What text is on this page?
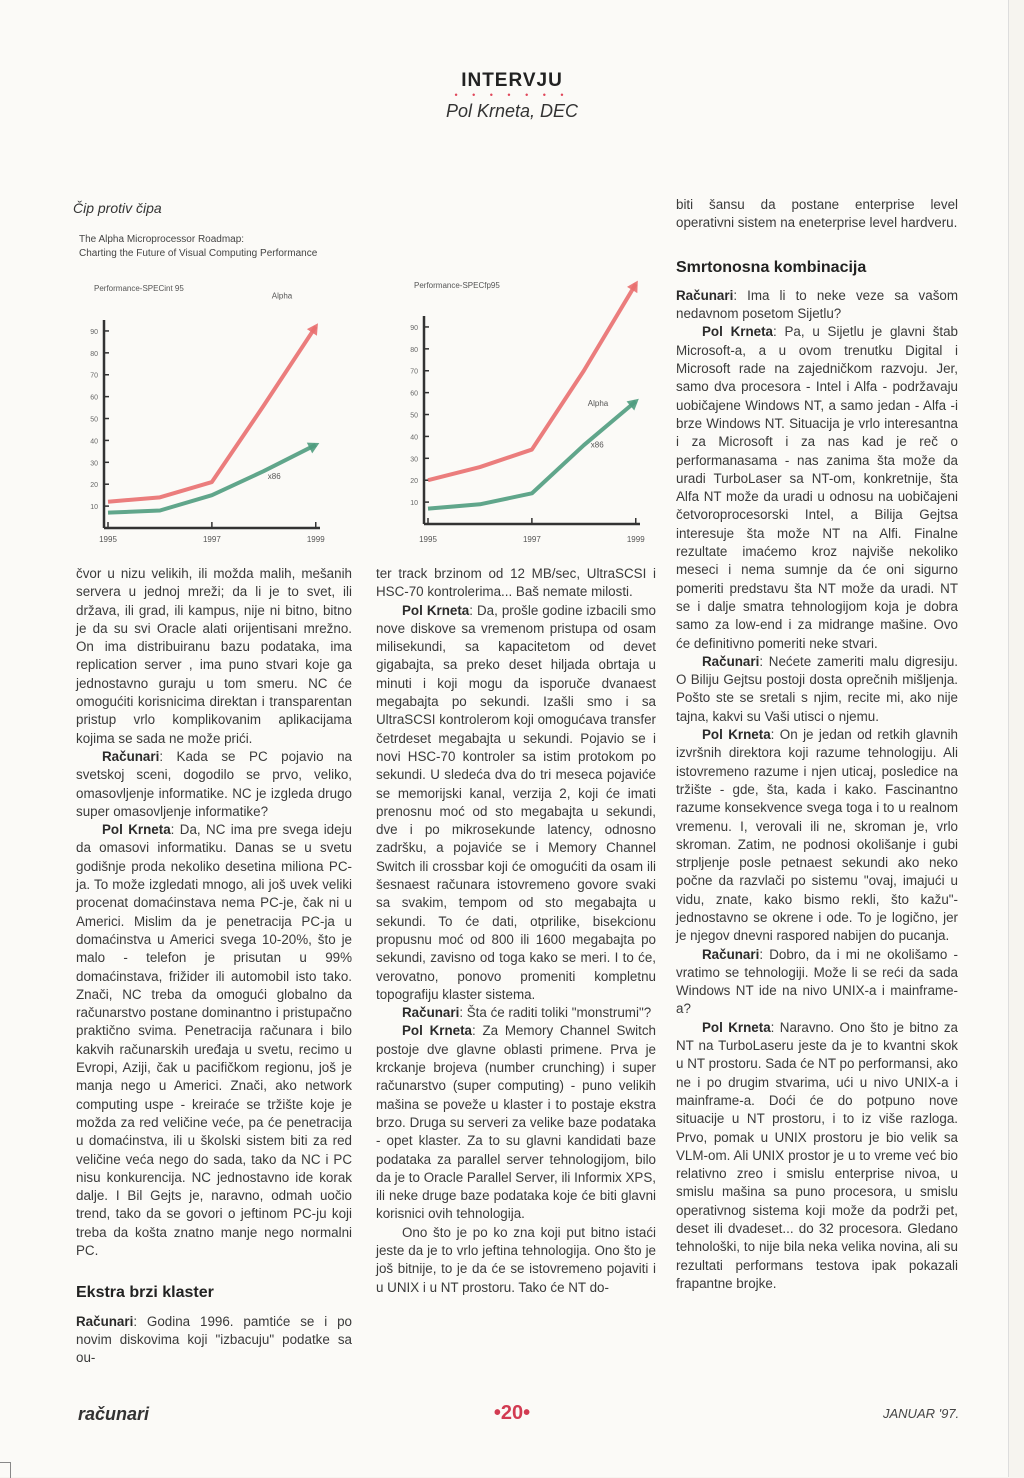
INTERVJU
• • • • • • •
Pol Krneta, DEC
Čip protiv čipa
The Alpha Microprocessor Roadmap:
Charting the Future of Visual Computing Performance
Performance-SPECint 95
10
20
30
40
50
60
70
80
90
1995	1997	1999
Alpha
x86
Performance-SPECfp95
10
20
30
40
50
60
70
80
90
1995	1997	1999
Alpha
x86

čvor u nizu velikih, ili možda malih, mešanih servera u jednoj mreži; da li je to svet, ili država, ili grad, ili kampus, nije ni bitno, bitno je da su svi Oracle alati orijentisani mrežno. On ima distribuiranu bazu podataka, ima replication server , ima puno stvari koje ga jednostavno guraju u tom smeru. NC će omogućiti korisnicima direktan i transparentan pristup vrlo komplikovanim aplikacijama kojima se sada ne može prići.

Računari: Kada se PC pojavio na svetskoj sceni, dogodilo se prvo, veliko, omasovljenje informatike. NC je izgleda drugo super omasovljenje informatike?

Pol Krneta: Da, NC ima pre svega ideju da omasovi informatiku. Danas se u svetu godišnje proda nekoliko desetina miliona PC-ja. To može izgledati mnogo, ali još uvek veliki procenat domaćinstava nema PC-je, čak ni u Americi. Mislim da je penetracija PC-ja u domaćinstva u Americi svega 10-20%, što je malo - telefon je prisutan u 99% domaćinstava, frižider ili automobil isto tako. Znači, NC treba da omogući globalno da računarstvo postane dominantno i pristupačno praktično svima. Penetracija računara i bilo kakvih računarskih uređaja u svetu, recimo u Evropi, Aziji, čak u pacifičkom regionu, još je manja nego u Americi. Znači, ako network computing uspe - kreiraće se tržište koje je možda za red veličine veće, pa će penetracija u domaćinstva, ili u školski sistem biti za red veličine veća nego do sada, tako da NC i PC nisu konkurencija. NC jednostavno ide korak dalje. I Bil Gejts je, naravno, odmah uočio trend, tako da se govori o jeftinom PC-ju koji treba da košta znatno manje nego normalni PC.

Ekstra brzi klaster

Računari: Godina 1996. pamtiće se i po novim diskovima koji "izbacuju" podatke sa ou-

ter track brzinom od 12 MB/sec, UltraSCSI i HSC-70 kontrolerima... Baš nemate milosti.

Pol Krneta: Da, prošle godine izbacili smo nove diskove sa vremenom pristupa od osam milisekundi, sa kapacitetom od devet gigabajta, sa preko deset hiljada obrtaja u minuti i koji mogu da isporuče dvanaest megabajta po sekundi. Izašli smo i sa UltraSCSI kontrolerom koji omogućava transfer četrdeset megabajta u sekundi. Pojavio se i novi HSC-70 kontroler sa istim protokom po sekundi. U sledeća dva do tri meseca pojaviće se memorijski kanal, verzija 2, koji će imati prenosnu moć od sto megabajta u sekundi, dve i po mikrosekunde latency, odnosno zadršku, a pojaviće se i Memory Channel Switch ili crossbar koji će omogućiti da osam ili šesnaest računara istovremeno govore svaki sa svakim, tempom od sto megabajta u sekundi. To će dati, otprilike, bisekcionu propusnu moć od 800 ili 1600 megabajta po sekundi, zavisno od toga kako se meri. I to će, verovatno, ponovo promeniti kompletnu topografiju klaster sistema.

Računari: Šta će raditi toliki "monstrumi"?

Pol Krneta: Za Memory Channel Switch postoje dve glavne oblasti primene. Prva je krckanje brojeva (number crunching) i super računarstvo (super computing) - puno velikih mašina se poveže u klaster i to postaje ekstra brzo. Druga su serveri za velike baze podataka - opet klaster. Za to su glavni kandidati baze podataka za parallel server tehnologijom, bilo da je to Oracle Parallel Server, ili Informix XPS, ili neke druge baze podataka koje će biti glavni korisnici ovih tehnologija.

Ono što je po ko zna koji put bitno istaći jeste da je to vrlo jeftina tehnologija. Ono što je još bitnije, to je da će se istovremeno pojaviti i u UNIX i u NT prostoru. Tako će NT do-

biti šansu da postane enterprise level operativni sistem na eneterprise level hardveru.

Smrtonosna kombinacija

Računari: Ima li to neke veze sa vašom nedavnom posetom Sijetlu?

Pol Krneta: Pa, u Sijetlu je glavni štab Microsoft-a, a u ovom trenutku Digital i Microsoft rade na zajedničkom razvoju. Jer, samo dva procesora - Intel i Alfa - podržavaju uobičajene Windows NT, a samo jedan - Alfa -i brze Windows NT. Situacija je vrlo interesantna i za Microsoft i za nas kad je reč o performanasama - nas zanima šta može da uradi TurboLaser sa NT-om, konkretnije, šta Alfa NT može da uradi u odnosu na uobičajeni četvoroprocesorski Intel, a Bilija Gejtsa interesuje šta može NT na Alfi. Finalne rezultate imaćemo kroz najviše nekoliko meseci i nema sumnje da će oni sigurno pomeriti predstavu šta NT može da uradi. NT se i dalje smatra tehnologijom koja je dobra samo za low-end i za midrange mašine. Ovo će definitivno pomeriti neke stvari.

Računari: Nećete zameriti malu digresiju. O Biliju Gejtsu postoji dosta oprečnih mišljenja. Pošto ste se sretali s njim, recite mi, ako nije tajna, kakvi su Vaši utisci o njemu.

Pol Krneta: On je jedan od retkih glavnih izvršnih direktora koji razume tehnologiju. Ali istovremeno razume i njen uticaj, posledice na tržište - gde, šta, kada i kako. Fascinantno razume konsekvence svega toga i to u realnom vremenu. I, verovali ili ne, skroman je, vrlo skroman. Zatim, ne podnosi okolišanje i gubi strpljenje posle petnaest sekundi ako neko počne da razvlači po sistemu "ovaj, imajući u vidu, znate, kako bismo rekli, što kažu"- jednostavno se okrene i ode. To je logično, jer je njegov dnevni raspored nabijen do pucanja.

Računari: Dobro, da i mi ne okolišamo - vratimo se tehnologiji. Može li se reći da sada Windows NT ide na nivo UNIX-a i mainframe-a?

Pol Krneta: Naravno. Ono što je bitno za NT na TurboLaseru jeste da je to kvantni skok u NT prostoru. Sada će NT po performansi, ako ne i po drugim stvarima, ući u nivo UNIX-a i mainframe-a. Doći će do potpuno nove situacije u NT prostoru, i to iz više razloga. Prvo, pomak u UNIX prostoru je bio velik sa VLM-om. Ali UNIX prostor je u to vreme već bio relativno zreo i smislu enterprise nivoa, u smislu mašina sa puno procesora, u smislu operativnog sistema koji može da podrži pet, deset ili dvadeset... do 32 procesora. Gledano tehnološki, to nije bila neka velika novina, ali su rezultati performans testova ipak pokazali frapantne brojke.

računari	•20•	JANUAR '97.
